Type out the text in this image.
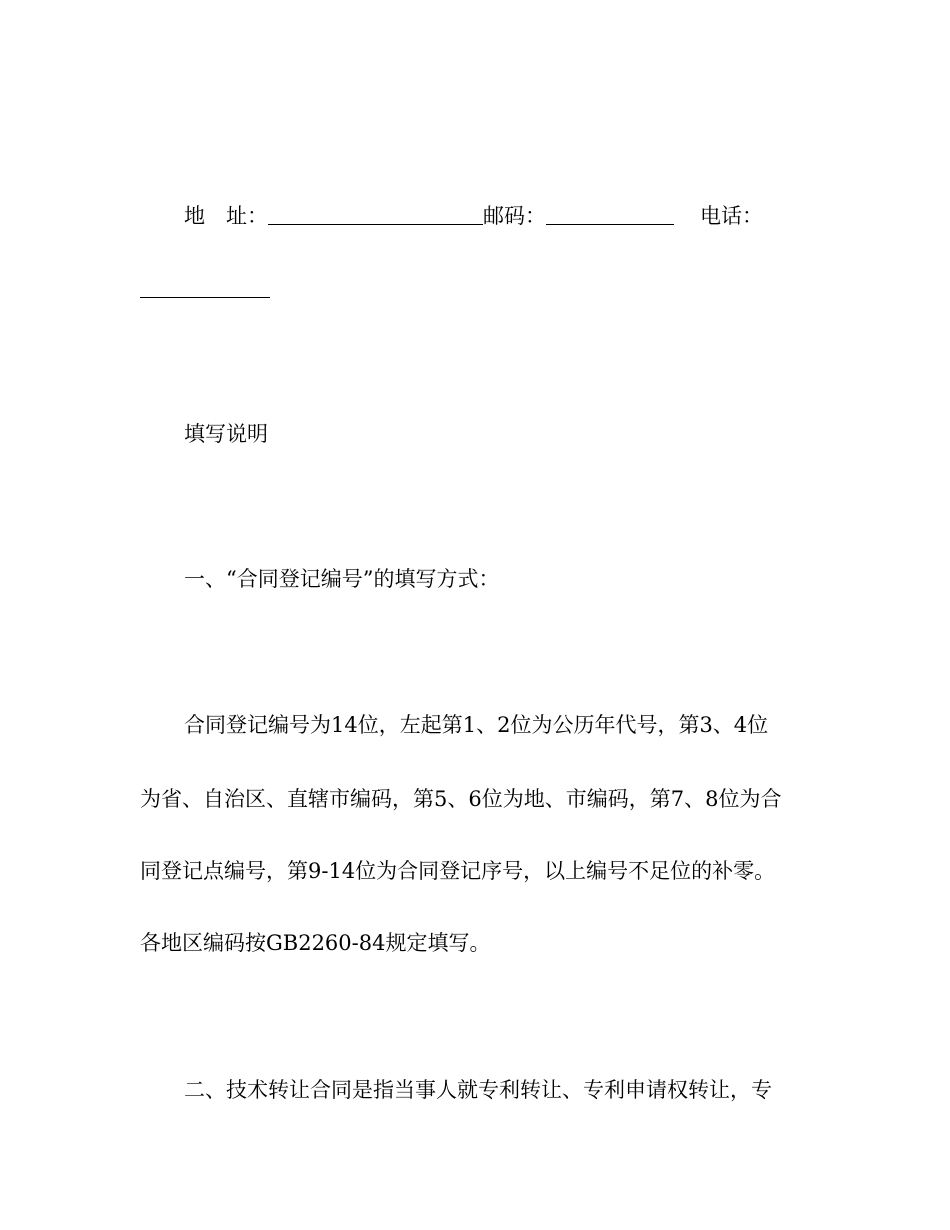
地　址：	邮码：	电话：
填写说明
一、“合同登记编号”的填写方式：
合同登记编号为14位，左起第1、2位为公历年代号，第3、4位
为省、自治区、直辖市编码，第5、6位为地、市编码，第7、8位为合
同登记点编号，第9-14位为合同登记序号，以上编号不足位的补零。
各地区编码按GB2260-84规定填写。
二、技术转让合同是指当事人就专利转让、专利申请权转让，专
